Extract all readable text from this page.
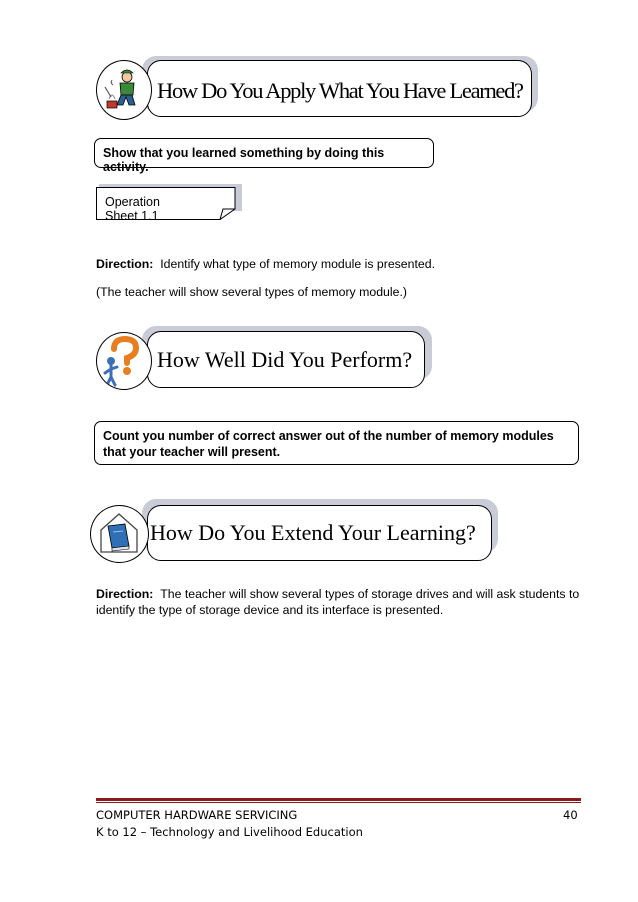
How Do You Apply What You Have Learned?
Show that you learned something by doing this activity.
Operation Sheet 1.1
Direction: Identify what type of memory module is presented.
(The teacher will show several types of memory module.)
How Well Did You Perform?
Count you number of correct answer out of the number of memory modules that your teacher will present.
How Do You Extend Your Learning?
Direction: The teacher will show several types of storage drives and will ask students to identify the type of storage device and its interface is presented.
COMPUTER HARDWARE SERVICING	40
K to 12 – Technology and Livelihood Education
